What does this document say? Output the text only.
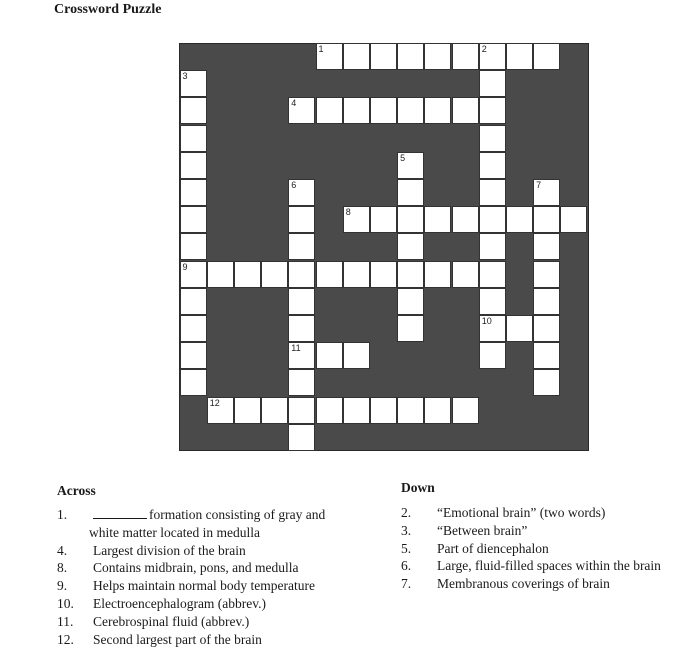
Crossword Puzzle
1	2
4
8
9
10
11
12
3
5
6	7
Across
1.	formation consisting of gray and
white matter located in medulla
4. Largest division of the brain
8. Contains midbrain, pons, and medulla
9. Helps maintain normal body temperature
10. Electroencephalogram (abbrev.)
11. Cerebrospinal fluid (abbrev.)
12. Second largest part of the brain
Down
2. “Emotional brain” (two words)
3. “Between brain”
5. Part of diencephalon
6. Large, fluid-filled spaces within the brain
7. Membranous coverings of brain
